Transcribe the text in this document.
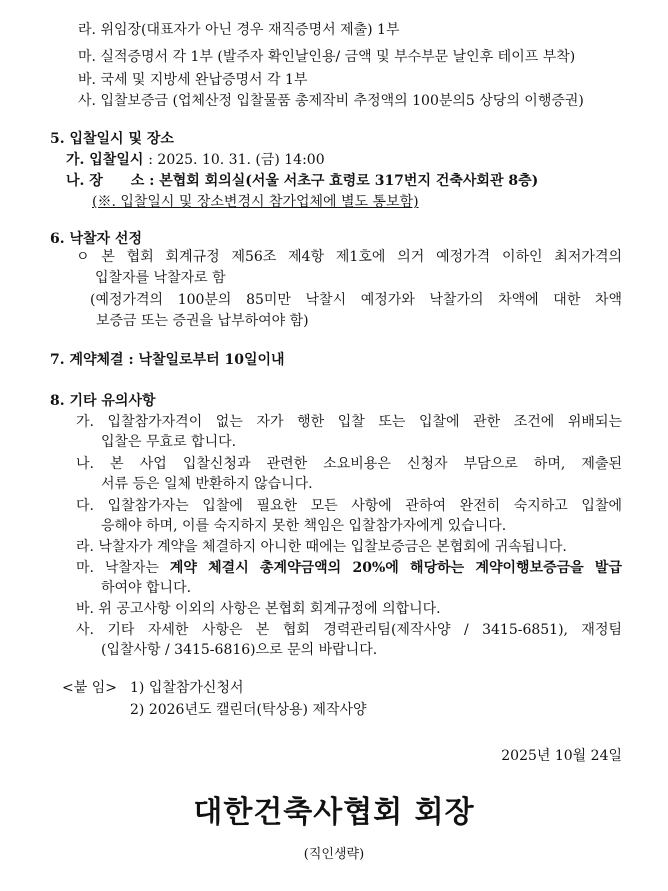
라. 위임장(대표자가 아닌 경우 재직증명서 제출) 1부
마. 실적증명서 각 1부 (발주자 확인날인용/ 금액 및 부수부문 날인후 테이프 부착)
바. 국세 및 지방세 완납증명서 각 1부
사. 입찰보증금 (업체산정 입찰물품 총제작비 추정액의 100분의5 상당의 이행증권)
5. 입찰일시 및 장소
가. 입찰일시 : 2025. 10. 31. (금) 14:00
나. 장　　소 : 본협회 회의실(서울 서초구 효령로 317번지 건축사회관 8층)
(※. 입찰일시 및 장소변경시 참가업체에 별도 통보함)
6. 낙찰자 선정
ㅇ 본 협회 회계규정 제56조 제4항 제1호에 의거 예정가격 이하인 최저가격의
입찰자를 낙찰자로 함
(예정가격의 100분의 85미만 낙찰시 예정가와 낙찰가의 차액에 대한 차액
보증금 또는 증권을 납부하여야 함)
7. 계약체결 : 낙찰일로부터 10일이내
8. 기타 유의사항
가. 입찰참가자격이 없는 자가 행한 입찰 또는 입찰에 관한 조건에 위배되는
입찰은 무효로 합니다.
나. 본 사업 입찰신청과 관련한 소요비용은 신청자 부담으로 하며, 제출된
서류 등은 일체 반환하지 않습니다.
다. 입찰참가자는 입찰에 필요한 모든 사항에 관하여 완전히 숙지하고 입찰에
응해야 하며, 이를 숙지하지 못한 책임은 입찰참가자에게 있습니다.
라. 낙찰자가 계약을 체결하지 아니한 때에는 입찰보증금은 본협회에 귀속됩니다.
마. 낙찰자는 계약 체결시 총계약금액의 20%에 해당하는 계약이행보증금을 발급
하여야 합니다.
바. 위 공고사항 이외의 사항은 본협회 회계규정에 의합니다.
사. 기타 자세한 사항은 본 협회 경력관리팀(제작사양 / 3415-6851), 재정팀
(입찰사항 / 3415-6816)으로 문의 바랍니다.
<붙 임> 1) 입찰참가신청서
2) 2026년도 캘린더(탁상용) 제작사양
2025년 10월 24일
대한건축사협회 회장
(직인생략)
